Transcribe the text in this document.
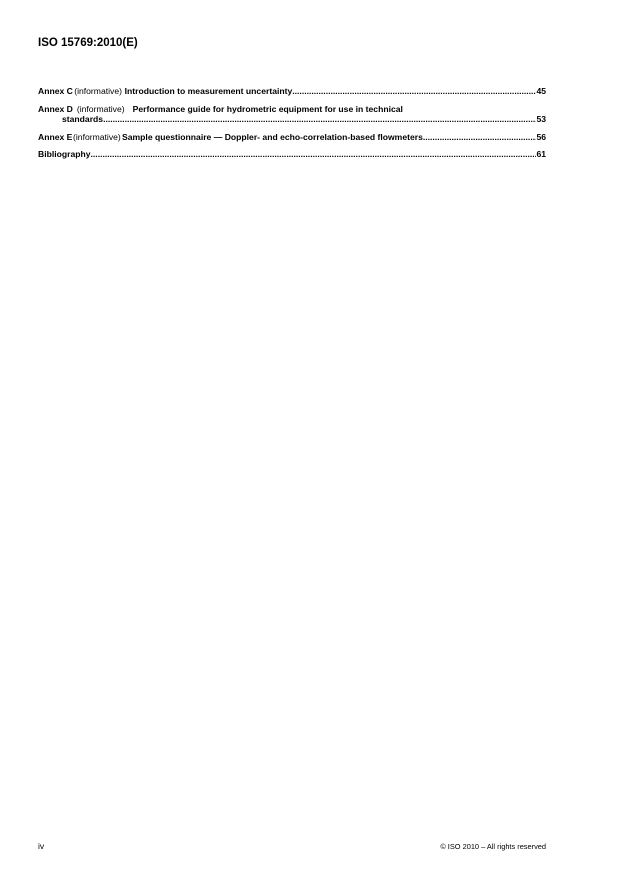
ISO 15769:2010(E)
Annex C (informative) Introduction to measurement uncertainty .....	45
Annex D (informative) Performance guide for hydrometric equipment for use in technical
standards .....	53
Annex E (informative) Sample questionnaire — Doppler- and echo-correlation-based flowmeters .....	56
Bibliography .....	61
iv	© ISO 2010 – All rights reserved
